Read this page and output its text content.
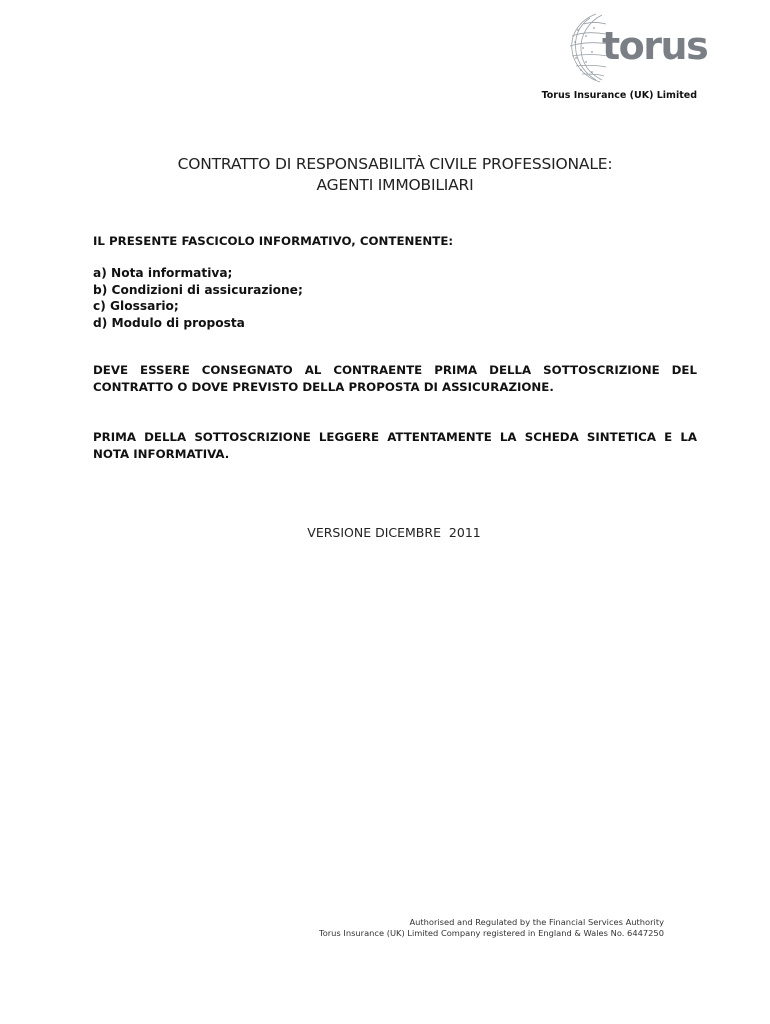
torus
Torus Insurance (UK) Limited
CONTRATTO DI RESPONSABILITÀ CIVILE PROFESSIONALE:
AGENTI IMMOBILIARI
IL PRESENTE FASCICOLO INFORMATIVO, CONTENENTE:
a) Nota informativa;
b) Condizioni di assicurazione;
c) Glossario;
d) Modulo di proposta
DEVE ESSERE CONSEGNATO AL CONTRAENTE PRIMA DELLA SOTTOSCRIZIONE DEL CONTRATTO O DOVE PREVISTO DELLA PROPOSTA DI ASSICURAZIONE.
PRIMA DELLA SOTTOSCRIZIONE LEGGERE ATTENTAMENTE LA SCHEDA SINTETICA E LA NOTA INFORMATIVA.
VERSIONE DICEMBRE  2011
Authorised and Regulated by the Financial Services Authority
Torus Insurance (UK) Limited Company registered in England & Wales No. 6447250
